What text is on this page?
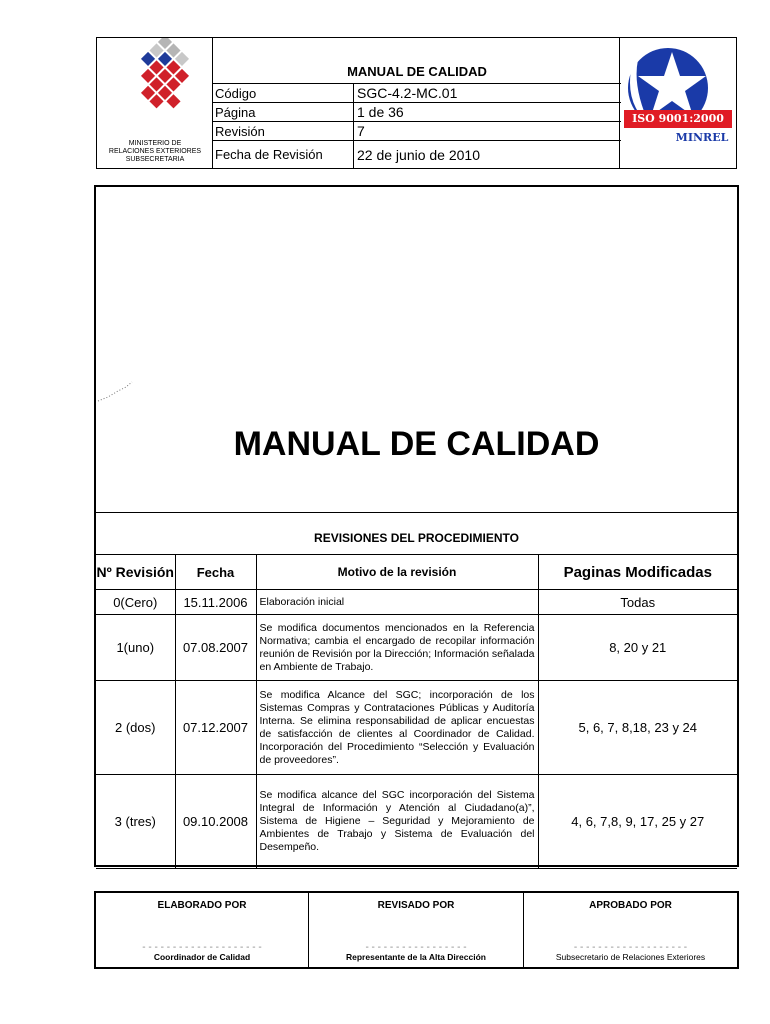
MINISTERIO DE
RELACIONES EXTERIORES
SUBSECRETARIA
MANUAL DE CALIDAD
Código	SGC-4.2-MC.01
Página	1 de 36
Revisión	7
Fecha de Revisión 22 de junio de 2010
ISO 9001:2000
MINREL
MANUAL DE CALIDAD
REVISIONES DEL PROCEDIMIENTO
Nº Revisión	Fecha	Motivo de la revisión	Paginas Modificadas
0(Cero)	15.11.2006	Elaboración inicial	Todas
1(uno)	07.08.2007	Se modifica documentos mencionados en la Referencia Normativa; cambia el encargado de recopilar información reunión de Revisión por la Dirección; Información señalada en Ambiente de Trabajo.	8, 20 y 21
2 (dos)	07.12.2007	Se modifica Alcance del SGC; incorporación de los Sistemas Compras y Contrataciones Públicas y Auditoría Interna. Se elimina responsabilidad de aplicar encuestas de satisfacción de clientes al Coordinador de Calidad. Incorporación del Procedimiento “Selección y Evaluación de proveedores”.	5, 6, 7, 8,18, 23 y 24
3 (tres)	09.10.2008	Se modifica alcance del SGC incorporación del Sistema Integral de Información y Atención al Ciudadano(a)”, Sistema de Higiene – Seguridad y Mejoramiento de Ambientes de Trabajo y Sistema de Evaluación del Desempeño.	4, 6, 7,8, 9, 17, 25 y 27
ELABORADO POR
- - - - - - - - - - - - - - - - - - - -
Coordinador de Calidad
REVISADO POR
- - - - - - - - - - - - - - - - -
Representante de la Alta Dirección
APROBADO POR
- - - - - - - - - - - - - - - - - - -
Subsecretario de Relaciones Exteriores
